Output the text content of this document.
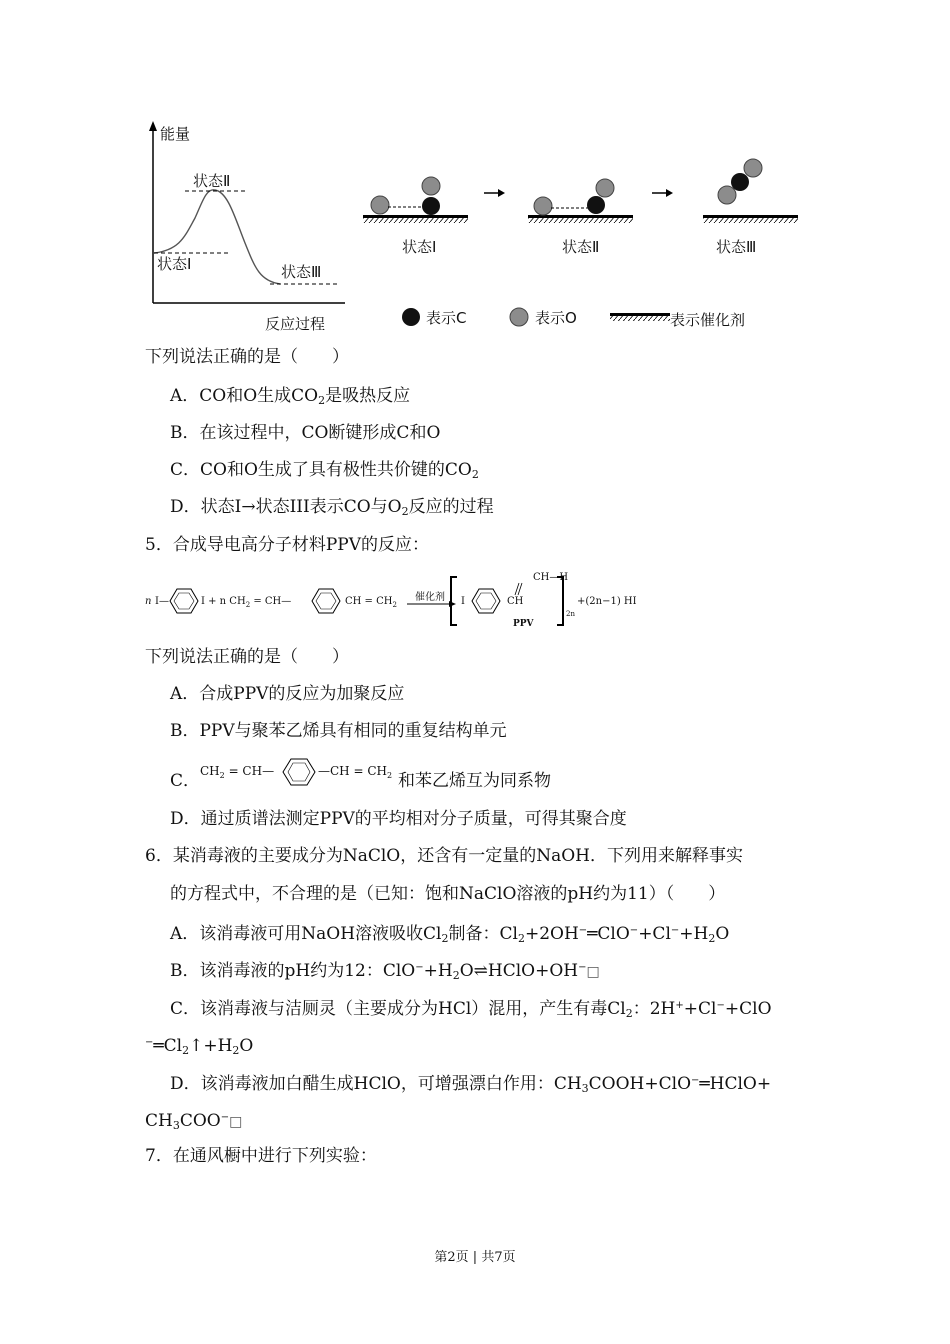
能量
状态Ⅱ
状态Ⅰ	状态Ⅲ
反应过程
状态Ⅰ	状态Ⅱ	状态Ⅲ
表示C	表示O	表示催化剂
下列说法正确的是（　　）
A．CO和O生成$CO_2$是吸热反应
B．在该过程中，CO断键形成C和O
C．CO和O生成了具有极性共价键的$CO_2$
D．状态I→状态III表示CO与$O_2$反应的过程
5．合成导电高分子材料PPV的反应：
n I—	I + n $CH_2$ = CH—	CH = $CH_2$
催化剂 I	CH
CH—H
PPV
2n
+(2n−1) HI
下列说法正确的是（　　）
A．合成PPV的反应为加聚反应
B．PPV与聚苯乙烯具有相同的重复结构单元
C． $CH_2$ = CH—	—CH = $CH_2$ 和苯乙烯互为同系物
D．通过质谱法测定PPV的平均相对分子质量，可得其聚合度
6．某消毒液的主要成分为NaClO，还含有一定量的NaOH．下列用来解释事实
的方程式中，不合理的是（已知：饱和NaClO溶液的pH约为11）（　　）
A．该消毒液可用NaOH溶液吸收$Cl_2$制备：$Cl_2+2OH^-═ClO^-+Cl^-+H_2O$
B．该消毒液的pH约为12：$ClO^-+H_2O\rightleftharpoons HClO+OH^-□$
C．该消毒液与洁厕灵（主要成分为HCl）混用，产生有毒$Cl_2$：2H++Cl−+ClO
$^-═Cl_2↑+H_2O$
D．该消毒液加白醋生成HClO，可增强漂白作用：$CH_3COOH+ClO^-═HClO+$
$CH_3COO^-□$
7．在通风橱中进行下列实验：
第2页 | 共7页
